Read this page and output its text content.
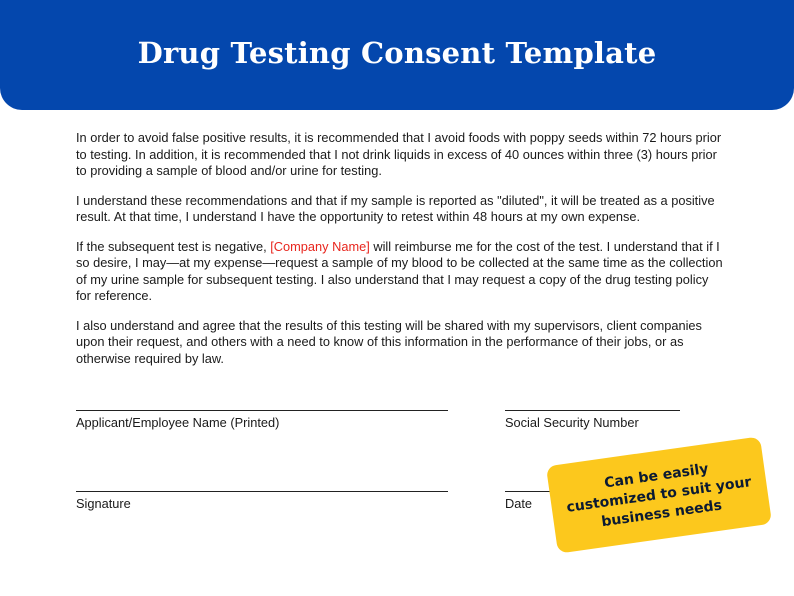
Drug Testing Consent Template

In order to avoid false positive results, it is recommended that I avoid foods with poppy seeds within 72 hours prior to testing. In addition, it is recommended that I not drink liquids in excess of 40 ounces within three (3) hours prior to providing a sample of blood and/or urine for testing.

I understand these recommendations and that if my sample is reported as "diluted", it will be treated as a positive result. At that time, I understand I have the opportunity to retest within 48 hours at my own expense.

If the subsequent test is negative, [Company Name] will reimburse me for the cost of the test. I understand that if I so desire, I may—at my expense—request a sample of my blood to be collected at the same time as the collection of my urine sample for subsequent testing. I also understand that I may request a copy of the drug testing policy for reference.

I also understand and agree that the results of this testing will be shared with my supervisors, client companies upon their request, and others with a need to know of this information in the performance of their jobs, or as otherwise required by law.

Applicant/Employee Name (Printed)	Social Security Number
Signature	Date
Can be easily customized to suit your business needs
